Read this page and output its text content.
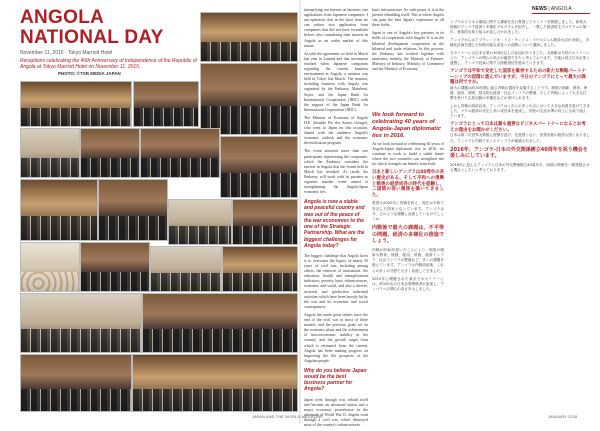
ANGOLA
NATIONAL DAY
November 11, 2015 · Tokyo Marriott Hotel
Receptions celebrating the 40th Anniversary of Independence of the Republic of Angola at Tokyo Marriott Hotel on November 11, 2015.
PHOTO: ©TSR MEDIA JAPAN
JAPAN AND THE WORLD MAGAZINE
NEWS | ANGOLA

intensifying our interest on business visa applications from Japanese companies. I am optimistic that in the short term we can reduce visa application from companies that did not have formalities before, also considering their interest in Angola as an outlet market of this nature.

As with the agreement we held in March last year in Luanda and that investment reached when Japanese companies regarding the current business environment in Angola, a seminar was held in Tokyo last March. The seminar, including business with Angola was organized by the Embassy, Marubeni, Sojitz, and the Japan Bank for International Cooperation (JBIC) with the support of the Japan Bank for International Cooperation (JBIC).

The Minister of Economy of Angola H.E. Abrahão Pio dos Santos Gourgel, who went to Japan on this occasion, shared with the audience Angola's economic outlook and the economic diversification program.

The event attracted more than one participants representing the companies, which the Embassy considers the interest in Angola that the forum held in March has revealed. As result, the Embassy will work with its partners to organize another event aimed at strengthening the Angola-Japan economic ties.

Angola is now a stable and peaceful country and was out of the peace of the war economies to the one of the Strategic Partnership. What are the biggest challenges for Angola today?

The biggest challenge that Angola faces is to overcome the legacy of nearly 30 years of civil war, including among others, the renewal of institutions, the education, health and unemployment indicators, poverty, basic infrastructures, economic and social, and also a diverse, sectorial and productive industrial activities which have been heavily hit by the war and its economic and social consequences.

Angola has made great strides since the end of the civil war in most of these matters; and the previous goals set on the economic plans and the achievement of macroeconomic stability in the country, and the growth target from which is estimated from the current, Angola has been making progress on improving the life prospects of the Angolan people.

Why do you believe Japan would be the best business partner for Angola?

Japan went through war, rebuilt itself and became an advanced nation and a major economic powerhouse in the aftermath of World War II. Angola went through a civil war, which destroyed most of the country's infrastructures.

basic infrastructure. So with peace, it is at the present rebuilding itself. This is where Angola can gain the best Japan's experience in all these fields.

Japan is one of Angola's key partners in its fields of cooperation with Angola. It is on the bilateral development cooperation in the bilateral and trade relations. In this process, the Embassy has worked together with ministries, namely, the Ministry of Finance, Ministry of Industry, Ministry of Commerce and the Ministry of Economy.

We look forward to celebrating 40 years of Angola-Japan diplomatic ties in 2016.

As we look forward to celebrating 40 years of Angola-Japan diplomatic ties in 2016, we continue to work to build a stable future where the two countries can strengthen ties for which strength can benefit from both.

日本と新しいアンゴラは40周年の長い歴史がある。そして平和への復興と戦後の経済成長の時代を経験し、二国間の深い関係を築いてきました。

貴国は2002年に内戦を終え、現在は平和で安定した国家となっています。アンゴラは今、どのような課題に直面しているのでしょうか。

内戦後で最大の課題は、不平等の問題、経済の多様化の推進でしょう。

内戦が約30年続いたことにより、制度の刷新や教育、保健、雇用、貧困、経済インフラ、社会インフラの整備など、多くの課題を抱えています。アンゴラは内戦終結後、これらの多くの分野で大きく前進してきました。

2015年に開催された東京でのセミナーには、約150名の日本企業関係者が参加し、アンゴラへの関心の高さを示しました。

ソブラのビジネス環境に関する講演を含む貴国にてセミナーを開催しました。商業大使館のアンゴラ経済と多様化プログラムを紹介し、一貫した経済再生プログラムの第一歩、意欲的な取り組みが話し合われました。

アンゴラからはアブラン・ピオ・ドス・サントス・ゴウルジェル経済大臣が出席し、多様化計画を通じた持続可能な成長への道筋について講演しました。

当セミナーには日本企業の100社以上の参加がありました。大使館は今回のセミナーにより、アンゴラへの関心の高さが確認できたと考えております。今後は再び日本企業と連携し、アンゴラ投資に関する情報発信を進めていきます。

アンゴラは平和で安定した国家を維持するための新たな戦略パートナーシップの段階に進んでいますが、今日のアンゴラにとって最大の課題は何ですか。

最大の課題は約30年間に渡る内戦の遺産を克服することです。制度の刷新、教育、保健、雇用、貧困、基本的な経済・社会インフラの整備、そして内戦によって大きな打撃を受けた生産活動の多様化などが挙げられます。

しかし内戦の終結以来、アンゴラはこれらの多くの点において大きな前進を遂げてきました。マクロ経済の安定と高い成長率を達成し、国民の生活水準の向上にも取り組んでいます。

アンゴラにとって日本は最も重要なビジネスパートナーになるとお考えの理由をお聞かせください。

日本は第二次世界大戦後に復興を遂げ、先進国となり、世界有数の経済大国となりました。アンゴラも内戦で多くのインフラが破壊されました。

2016年、アンゴラ-日本の外交関係樹立40周年を祝う機会を楽しみにしています。

2016年に迎えるアンゴラと日本の外交関係樹立40周年を、両国の関係を一層発展させる機会としたいと考えております。

JANUARY 2016
